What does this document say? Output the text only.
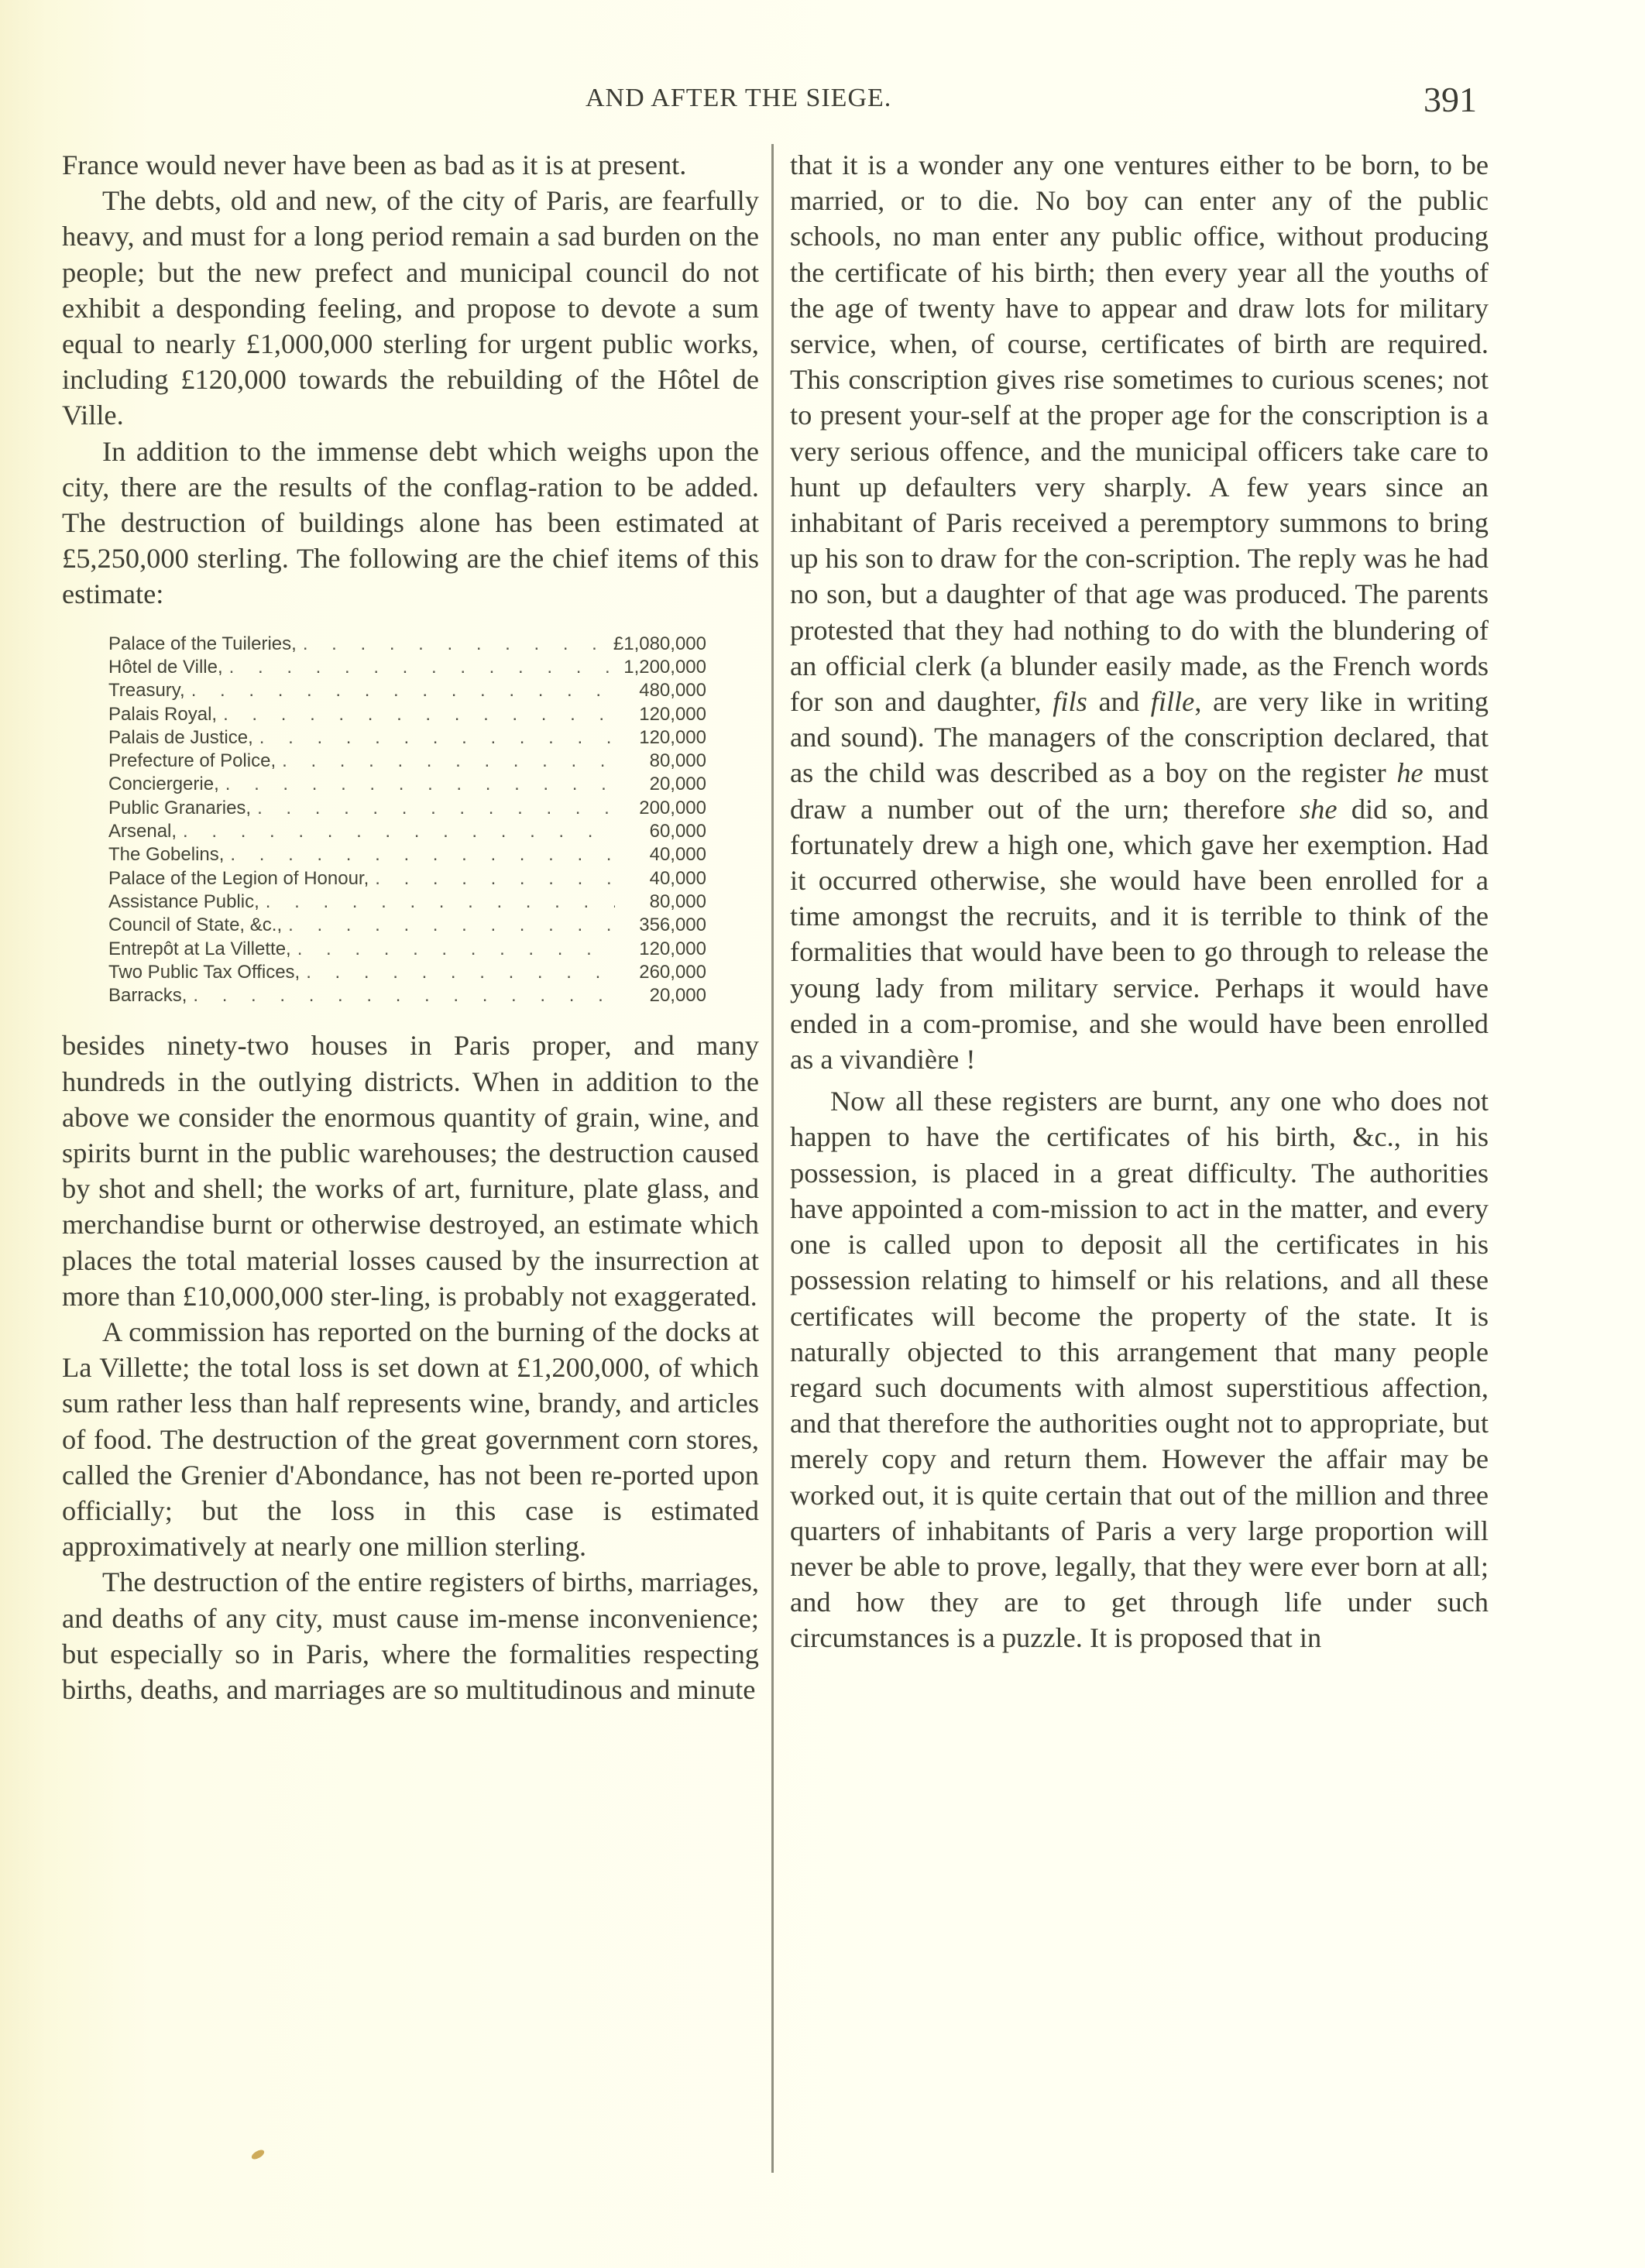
AND AFTER THE SIEGE.	391

France would never have been as bad as it is at present.

The debts, old and new, of the city of Paris, are fearfully heavy, and must for a long period remain a sad burden on the people; but the new prefect and municipal council do not exhibit a desponding feeling, and propose to devote a sum equal to nearly £1,000,000 sterling for urgent public works, including £120,000 towards the rebuilding of the Hôtel de Ville.

In addition to the immense debt which weighs upon the city, there are the results of the conflag-ration to be added. The destruction of buildings alone has been estimated at £5,250,000 sterling. The following are the chief items of this estimate:

Palace of the Tuileries, . . .	£1,080,000
Hôtel de Ville, . . .	1,200,000
Treasury, . . .	480,000
Palais Royal, . . .	120,000
Palais de Justice, . . .	120,000
Prefecture of Police, . . .	80,000
Conciergerie, . . .	20,000
Public Granaries, . . .	200,000
Arsenal, . . .	60,000
The Gobelins, . . .	40,000
Palace of the Legion of Honour, . . .	40,000
Assistance Public, . . .	80,000
Council of State, &c., . . .	356,000
Entrepôt at La Villette, . . .	120,000
Two Public Tax Offices, . . .	260,000
Barracks, . . .	20,000

besides ninety-two houses in Paris proper, and many hundreds in the outlying districts. When in addition to the above we consider the enormous quantity of grain, wine, and spirits burnt in the public warehouses; the destruction caused by shot and shell; the works of art, furniture, plate glass, and merchandise burnt or otherwise destroyed, an estimate which places the total material losses caused by the insurrection at more than £10,000,000 ster-ling, is probably not exaggerated.

A commission has reported on the burning of the docks at La Villette; the total loss is set down at £1,200,000, of which sum rather less than half represents wine, brandy, and articles of food. The destruction of the great government corn stores, called the Grenier d'Abondance, has not been re-ported upon officially; but the loss in this case is estimated approximatively at nearly one million sterling.

The destruction of the entire registers of births, marriages, and deaths of any city, must cause im-mense inconvenience; but especially so in Paris, where the formalities respecting births, deaths, and marriages are so multitudinous and minute

that it is a wonder any one ventures either to be born, to be married, or to die. No boy can enter any of the public schools, no man enter any public office, without producing the certificate of his birth; then every year all the youths of the age of twenty have to appear and draw lots for military service, when, of course, certificates of birth are required. This conscription gives rise sometimes to curious scenes; not to present your-self at the proper age for the conscription is a very serious offence, and the municipal officers take care to hunt up defaulters very sharply. A few years since an inhabitant of Paris received a peremptory summons to bring up his son to draw for the con-scription. The reply was he had no son, but a daughter of that age was produced. The parents protested that they had nothing to do with the blundering of an official clerk (a blunder easily made, as the French words for son and daughter, fils and fille, are very like in writing and sound). The managers of the conscription declared, that as the child was described as a boy on the register he must draw a number out of the urn; therefore she did so, and fortunately drew a high one, which gave her exemption. Had it occurred otherwise, she would have been enrolled for a time amongst the recruits, and it is terrible to think of the formalities that would have been to go through to release the young lady from military service. Perhaps it would have ended in a com-promise, and she would have been enrolled as a vivandière !

Now all these registers are burnt, any one who does not happen to have the certificates of his birth, &c., in his possession, is placed in a great difficulty. The authorities have appointed a com-mission to act in the matter, and every one is called upon to deposit all the certificates in his possession relating to himself or his relations, and all these certificates will become the property of the state. It is naturally objected to this arrangement that many people regard such documents with almost superstitious affection, and that therefore the authorities ought not to appropriate, but merely copy and return them. However the affair may be worked out, it is quite certain that out of the million and three quarters of inhabitants of Paris a very large proportion will never be able to prove, legally, that they were ever born at all; and how they are to get through life under such circumstances is a puzzle. It is proposed that in
